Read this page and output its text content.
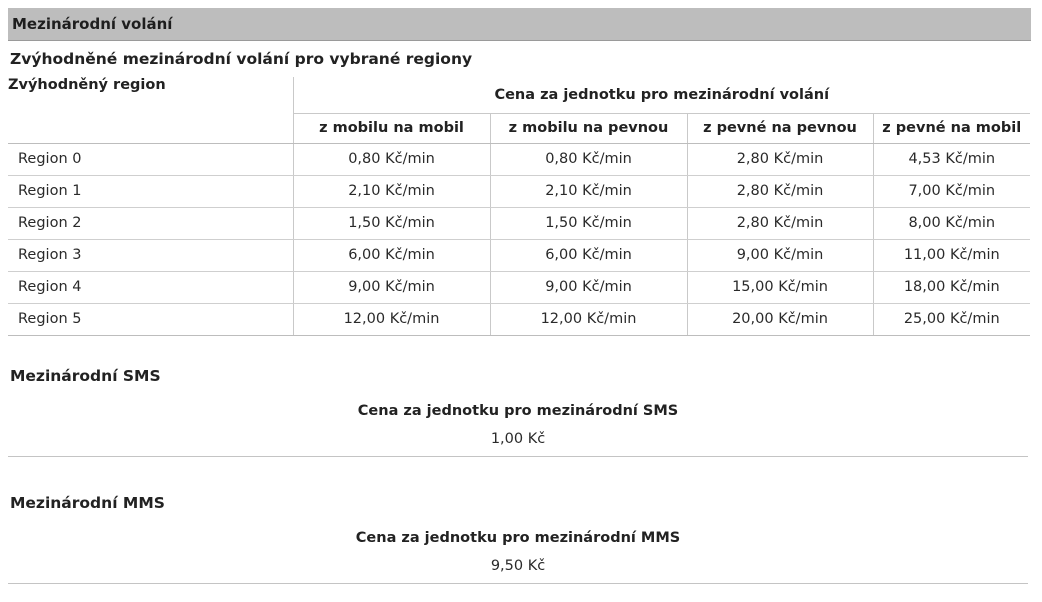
Mezinárodní volání
Zvýhodněné mezinárodní volání pro vybrané regiony
Zvýhodněný region	Cena za jednotku pro mezinárodní volání			
	z mobilu na mobil	z mobilu na pevnou	z pevné na pevnou	z pevné na mobil
Region 0	0,80 Kč/min	0,80 Kč/min	2,80 Kč/min	4,53 Kč/min
Region 1	2,10 Kč/min	2,10 Kč/min	2,80 Kč/min	7,00 Kč/min
Region 2	1,50 Kč/min	1,50 Kč/min	2,80 Kč/min	8,00 Kč/min
Region 3	6,00 Kč/min	6,00 Kč/min	9,00 Kč/min	11,00 Kč/min
Region 4	9,00 Kč/min	9,00 Kč/min	15,00 Kč/min	18,00 Kč/min
Region 5	12,00 Kč/min	12,00 Kč/min	20,00 Kč/min	25,00 Kč/min
Mezinárodní SMS
Cena za jednotku pro mezinárodní SMS
1,00 Kč
Mezinárodní MMS
Cena za jednotku pro mezinárodní MMS
9,50 Kč
